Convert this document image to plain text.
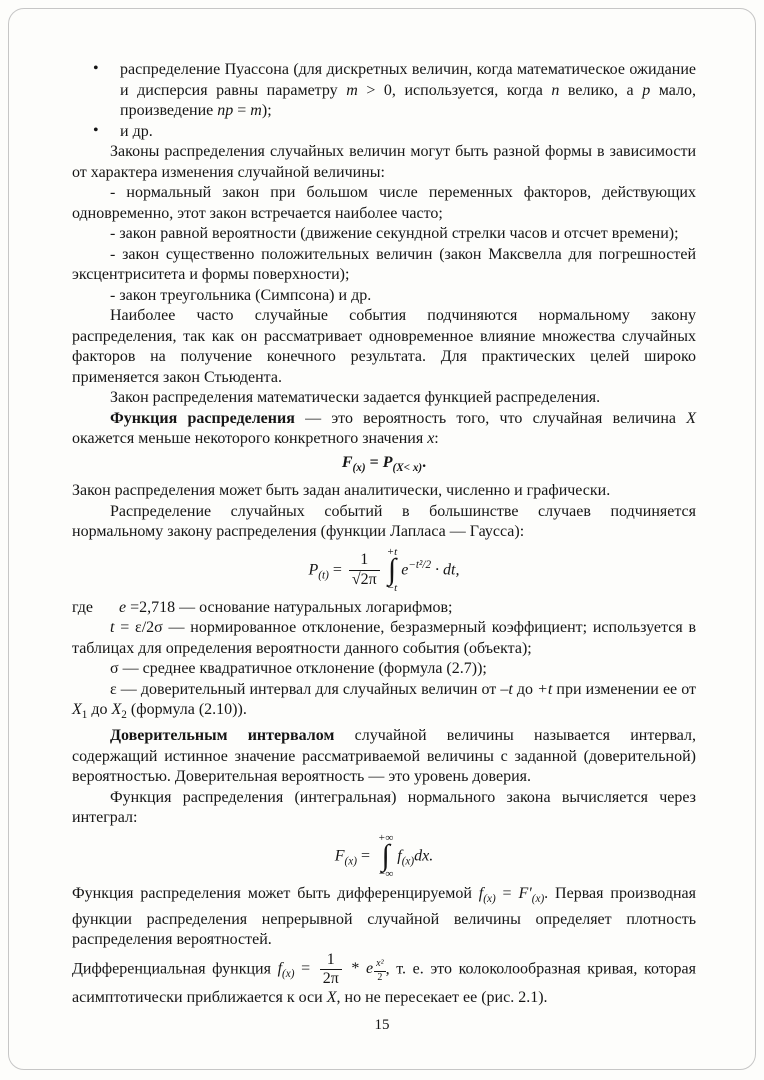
• распределение Пуассона (для дискретных величин, когда математическое ожидание и дисперсия равны параметру m > 0, используется, когда n велико, а p мало, произведение np = m);
• и др.

Законы распределения случайных величин могут быть разной формы в зависимости от характера изменения случайной величины:

- нормальный закон при большом числе переменных факторов, действующих одновременно, этот закон встречается наиболее часто;

- закон равной вероятности (движение секундной стрелки часов и отсчет времени);

- закон существенно положительных величин (закон Максвелла для погрешностей эксцентриситета и формы поверхности);

- закон треугольника (Симпсона) и др.

Наиболее часто случайные события подчиняются нормальному закону распределения, так как он рассматривает одновременное влияние множества случайных факторов на получение конечного результата. Для практических целей широко применяется закон Стьюдента.

Закон распределения математически задается функцией распределения.

Функция распределения — это вероятность того, что случайная величина X окажется меньше некоторого конкретного значения x:

$F_{(x)} = P_{(X< x)}$.

Закон распределения может быть задан аналитически, численно и графически.

Распределение случайных событий в большинстве случаев подчиняется нормальному закону распределения (функции Лапласа — Гаусса):

$P_{(t)} = \frac{1}{√2\pi} +t$
∫
−t
$e^{-t^2/2}$ · dt,

где e =2,718 — основание натуральных логарифмов;

t = ε/2σ — нормированное отклонение, безразмерный коэффициент; используется в таблицах для определения вероятности данного события (объекта);

σ — среднее квадратичное отклонение (формула (2.7));

ε — доверительный интервал для случайных величин от –t до +t при изменении ее от $X_1$ до $X_2$ (формула (2.10)).

Доверительным интервалом случайной величины называется интервал, содержащий истинное значение рассматриваемой величины с заданной (доверительной) вероятностью. Доверительная вероятность — это уровень доверия.

Функция распределения (интегральная) нормального закона вычисляется через интеграл:

$F_{(x)}$ =
+∞
∫
−∞
$f_{(x)}dx$.

Функция распределения может быть дифференцируемой $f_{(x)} = F'_{(x)}$. Первая производная функции распределения непрерывной случайной величины определяет плотность распределения вероятностей.

Дифференциальная функция $f_{(x)} = \frac{1}{2\pi} * e \frac{\text{x²}}{2}$ , т. е. это колоколообразная кривая, которая асимптотически приближается к оси X, но не пересекает ее (рис. 2.1).

15
